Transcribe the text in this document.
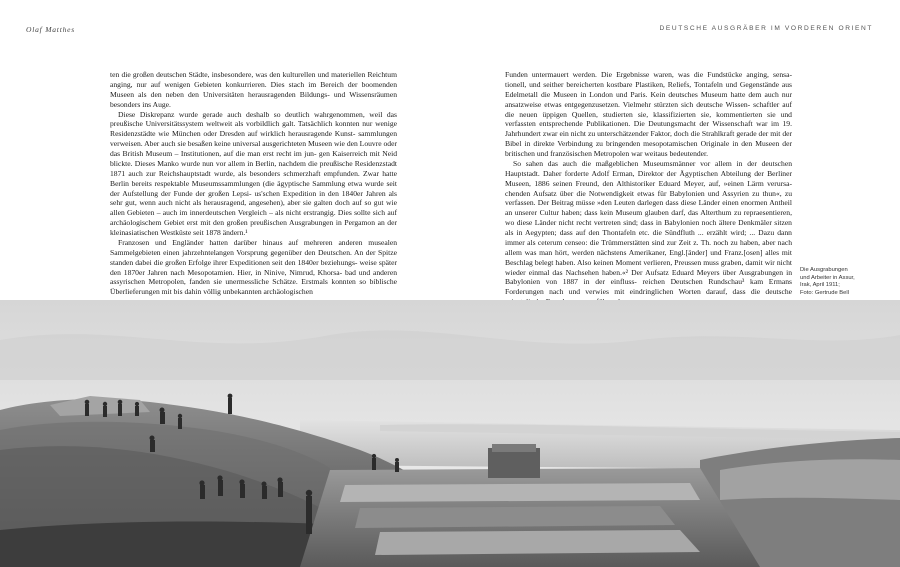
Olaf Matthes	DEUTSCHE AUSGRÄBER IM VORDEREN ORIENT

ten die großen deutschen Städte, insbesondere, was den kulturellen und materiellen Reichtum anging, nur auf wenigen Gebieten konkurrieren. Dies stach im Bereich der boomenden Museen als den neben den Universitäten herausragenden Bildungs- und Wissensräumen besonders ins Auge.

Diese Diskrepanz wurde gerade auch deshalb so deutlich wahrgenommen, weil das preußische Universitätssystem weltweit als vorbildlich galt. Tatsächlich konnten nur wenige Residenzstädte wie München oder Dresden auf wirklich herausragende Kunst- sammlungen verweisen. Aber auch sie besaßen keine universal ausgerichteten Museen wie den Louvre oder das British Museum – Institutionen, auf die man erst recht im jun- gen Kaiserreich mit Neid blickte. Dieses Manko wurde nun vor allem in Berlin, nachdem die preußische Residenzstadt 1871 auch zur Reichshauptstadt wurde, als besonders schmerzhaft empfunden. Zwar hatte Berlin bereits respektable Museumssammlungen (die ägyptische Sammlung etwa wurde seit der Aufstellung der Funde der großen Lepsi- us'schen Expedition in den 1840er Jahren als sehr gut, wenn auch nicht als herausragend, angesehen), aber sie galten doch auf so gut wie allen Gebieten – auch im innerdeutschen Vergleich – als nicht erstrangig. Dies sollte sich auf archäologischem Gebiet erst mit den großen preußischen Ausgrabungen in Pergamon an der kleinasiatischen Westküste seit 1878 ändern.¹

Franzosen und Engländer hatten darüber hinaus auf mehreren anderen musealen Sammelgebieten einen jahrzehntelangen Vorsprung gegenüber den Deutschen. An der Spitze standen dabei die großen Erfolge ihrer Expeditionen seit den 1840er beziehungs- weise später den 1870er Jahren nach Mesopotamien. Hier, in Ninive, Nimrud, Khorsa- bad und anderen assyrischen Metropolen, fanden sie unermessliche Schätze. Erstmals konnten so biblische Überlieferungen mit bis dahin völlig unbekannten archäologischen

Funden untermauert werden. Die Ergebnisse waren, was die Fundstücke anging, sensa- tionell, und seither bereicherten kostbare Plastiken, Reliefs, Tontafeln und Gegenstände aus Edelmetall die Museen in London und Paris. Kein deutsches Museum hatte dem auch nur ansatzweise etwas entgegenzusetzen. Vielmehr stürzten sich deutsche Wissen- schaftler auf die neuen üppigen Quellen, studierten sie, klassifizierten sie, kommentierten sie und verfassten entsprechende Publikationen. Die Deutungsmacht der Wissenschaft war im 19. Jahrhundert zwar ein nicht zu unterschätzender Faktor, doch die Strahlkraft gerade der mit der Bibel in direkte Verbindung zu bringenden mesopotamischen Originale in den Museen der britischen und französischen Metropolen war weitaus bedeutender.

So sahen das auch die maßgeblichen Museumsmänner vor allem in der deutschen Hauptstadt. Daher forderte Adolf Erman, Direktor der Ägyptischen Abteilung der Berliner Museen, 1886 seinen Freund, den Althistoriker Eduard Meyer, auf, »einen Lärm verursa- chenden Aufsatz über die Notwendigkeit etwas für Babylonien und Assyrien zu thun«, zu verfassen. Der Beitrag müsse »den Leuten darlegen dass diese Länder einen enormen Antheil an unserer Cultur haben; dass kein Museum glauben darf, das Alterthum zu repraesentieren, wo diese Länder nicht recht vertreten sind; dass in Babylonien noch ältere Denkmäler sitzen als in Aegypten; dass auf den Thontafeln etc. die Sündfluth ... erzählt wird; ... Dazu dann immer als ceterum censeo: die Trümmerstätten sind zur Zeit z. Th. noch zu haben, aber nach allem was man hört, werden nächstens Amerikaner, Engl.[änder] und Franz.[osen] alles mit Beschlag belegt haben. Also keinen Moment verlieren, Preussen muss graben, damit wir nicht wieder einmal das Nachsehen haben.«² Der Aufsatz Eduard Meyers über Ausgrabungen in Babylonien von 1887 in der einfluss- reichen Deutschen Rundschau³ kam Ermans Forderungen nach und verwies mit eindringlichen Worten darauf, dass die deutsche

Die Ausgrabungen
und Arbeiter in Assur,
Irak, April 1911;
Foto: Gertrude Bell
